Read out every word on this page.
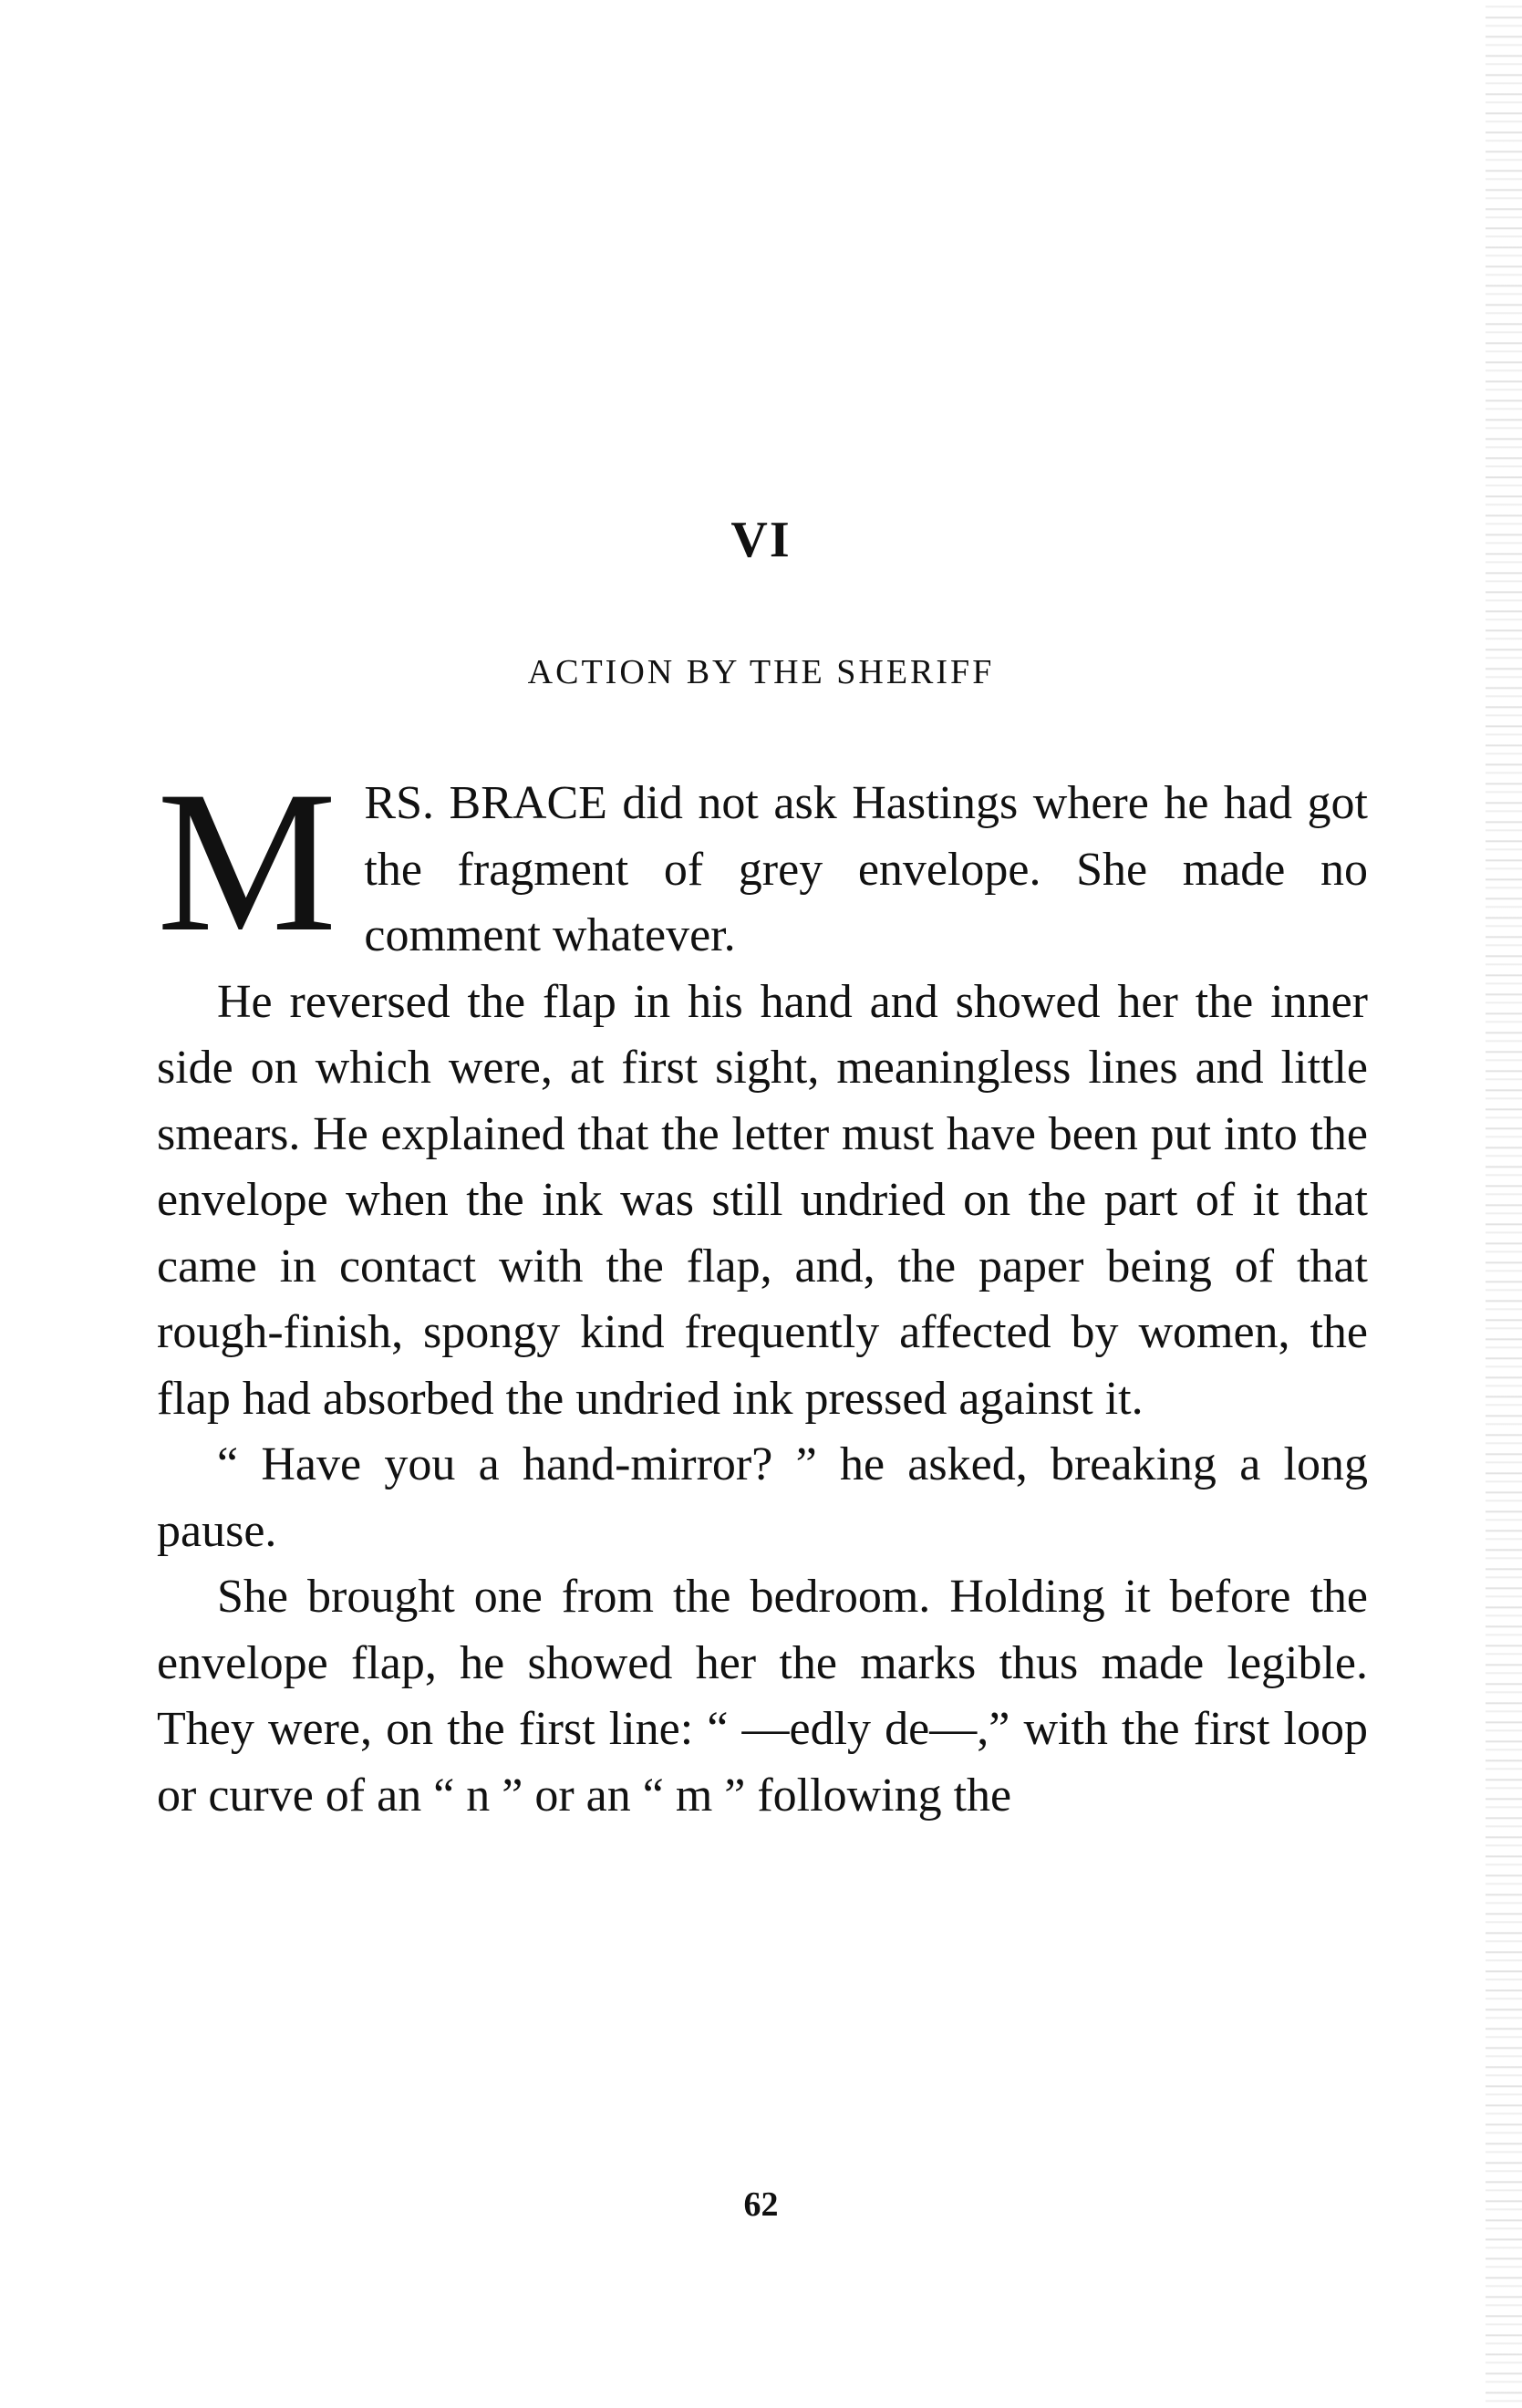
VI
ACTION BY THE SHERIFF

MRS. BRACE did not ask Hastings where he had got the fragment of grey envelope. She made no comment whatever.

He reversed the flap in his hand and showed her the inner side on which were, at first sight, meaningless lines and little smears. He explained that the letter must have been put into the envelope when the ink was still undried on the part of it that came in contact with the flap, and, the paper being of that rough-finish, spongy kind frequently affected by women, the flap had absorbed the undried ink pressed against it.

“ Have you a hand-mirror? ” he asked, breaking a long pause.

She brought one from the bedroom. Holding it before the envelope flap, he showed her the marks thus made legible. They were, on the first line: “ —edly de—,” with the first loop or curve of an “ n ” or an “ m ” following the

62
